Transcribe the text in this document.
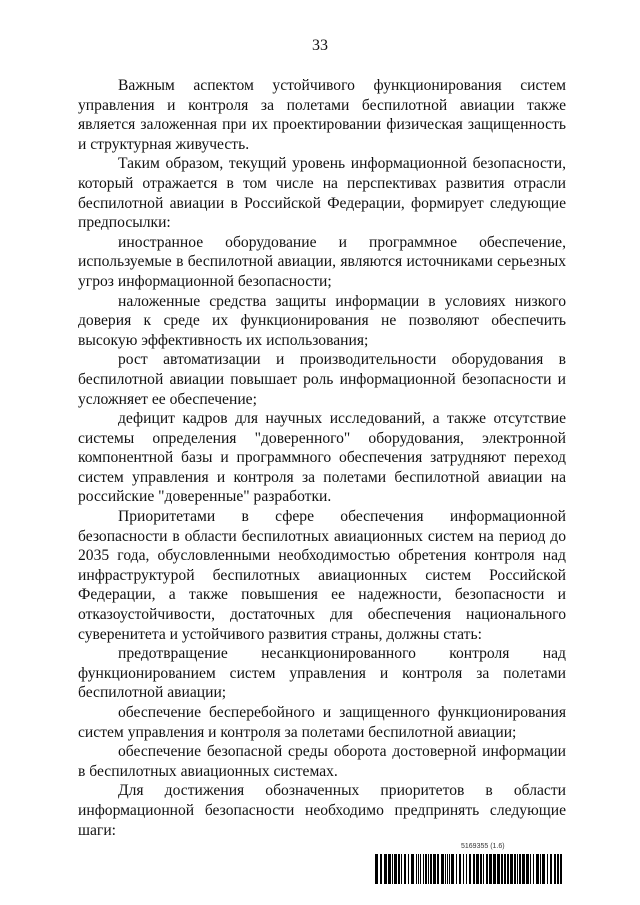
33

Важным аспектом устойчивого функционирования систем управления и контроля за полетами беспилотной авиации также является заложенная при их проектировании физическая защищенность и структурная живучесть.

Таким образом, текущий уровень информационной безопасности, который отражается в том числе на перспективах развития отрасли беспилотной авиации в Российской Федерации, формирует следующие предпосылки:

иностранное оборудование и программное обеспечение, используемые в беспилотной авиации, являются источниками серьезных угроз информационной безопасности;

наложенные средства защиты информации в условиях низкого доверия к среде их функционирования не позволяют обеспечить высокую эффективность их использования;

рост автоматизации и производительности оборудования в беспилотной авиации повышает роль информационной безопасности и усложняет ее обеспечение;

дефицит кадров для научных исследований, а также отсутствие системы определения "доверенного" оборудования, электронной компонентной базы и программного обеспечения затрудняют переход систем управления и контроля за полетами беспилотной авиации на российские "доверенные" разработки.

Приоритетами в сфере обеспечения информационной безопасности в области беспилотных авиационных систем на период до 2035 года, обусловленными необходимостью обретения контроля над инфраструктурой беспилотных авиационных систем Российской Федерации, а также повышения ее надежности, безопасности и отказоустойчивости, достаточных для обеспечения национального суверенитета и устойчивого развития страны, должны стать:

предотвращение несанкционированного контроля над функционированием систем управления и контроля за полетами беспилотной авиации;

обеспечение бесперебойного и защищенного функционирования систем управления и контроля за полетами беспилотной авиации;

обеспечение безопасной среды оборота достоверной информации в беспилотных авиационных системах.

Для достижения обозначенных приоритетов в области информационной безопасности необходимо предпринять следующие шаги:

5169355 (1.6)
